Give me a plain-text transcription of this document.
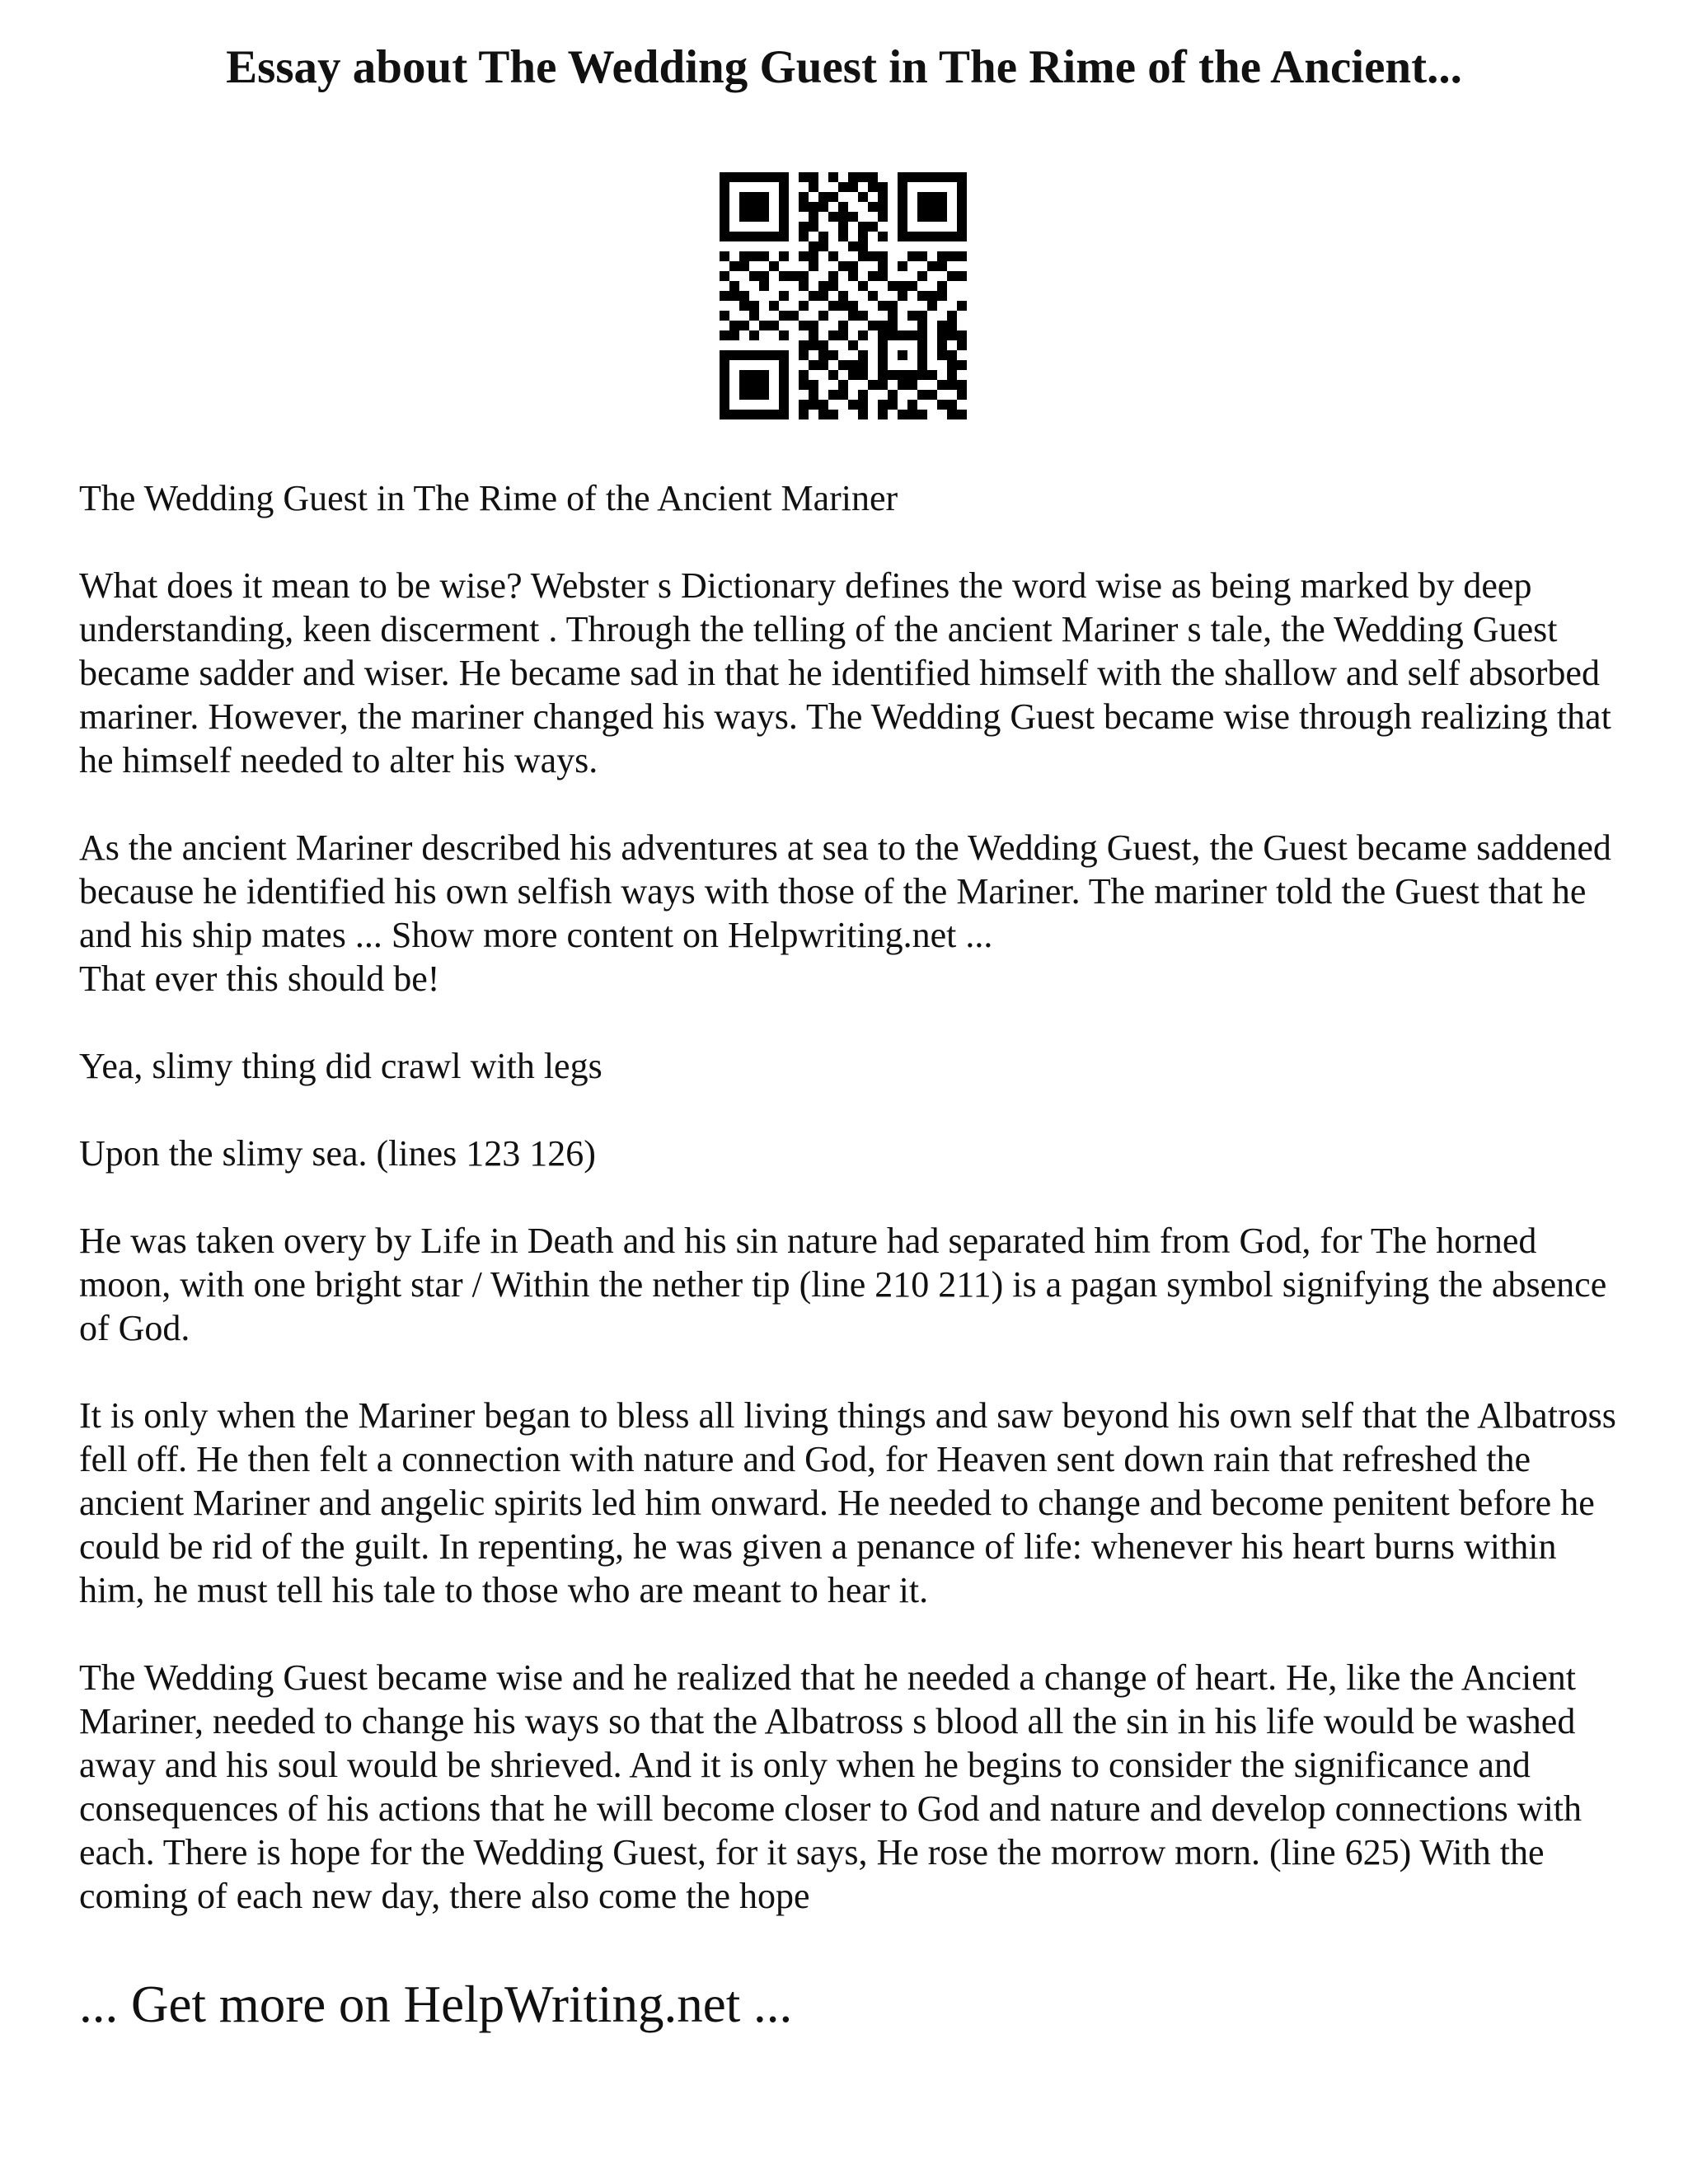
Essay about The Wedding Guest in The Rime of the Ancient...

The Wedding Guest in The Rime of the Ancient Mariner

What does it mean to be wise? Webster s Dictionary defines the word wise as being marked by deep understanding, keen discerment . Through the telling of the ancient Mariner s tale, the Wedding Guest became sadder and wiser. He became sad in that he identified himself with the shallow and self absorbed mariner. However, the mariner changed his ways. The Wedding Guest became wise through realizing that he himself needed to alter his ways.

As the ancient Mariner described his adventures at sea to the Wedding Guest, the Guest became saddened because he identified his own selfish ways with those of the Mariner. The mariner told the Guest that he and his ship mates ... Show more content on Helpwriting.net ...

That ever this should be!

Yea, slimy thing did crawl with legs

Upon the slimy sea. (lines 123 126)

He was taken overy by Life in Death and his sin nature had separated him from God, for The horned moon, with one bright star / Within the nether tip (line 210 211) is a pagan symbol signifying the absence of God.

It is only when the Mariner began to bless all living things and saw beyond his own self that the Albatross fell off. He then felt a connection with nature and God, for Heaven sent down rain that refreshed the ancient Mariner and angelic spirits led him onward. He needed to change and become penitent before he could be rid of the guilt. In repenting, he was given a penance of life: whenever his heart burns within him, he must tell his tale to those who are meant to hear it.

The Wedding Guest became wise and he realized that he needed a change of heart. He, like the Ancient Mariner, needed to change his ways so that the Albatross s blood all the sin in his life would be washed away and his soul would be shrieved. And it is only when he begins to consider the significance and consequences of his actions that he will become closer to God and nature and develop connections with each. There is hope for the Wedding Guest, for it says, He rose the morrow morn. (line 625) With the coming of each new day, there also come the hope

... Get more on HelpWriting.net ...
